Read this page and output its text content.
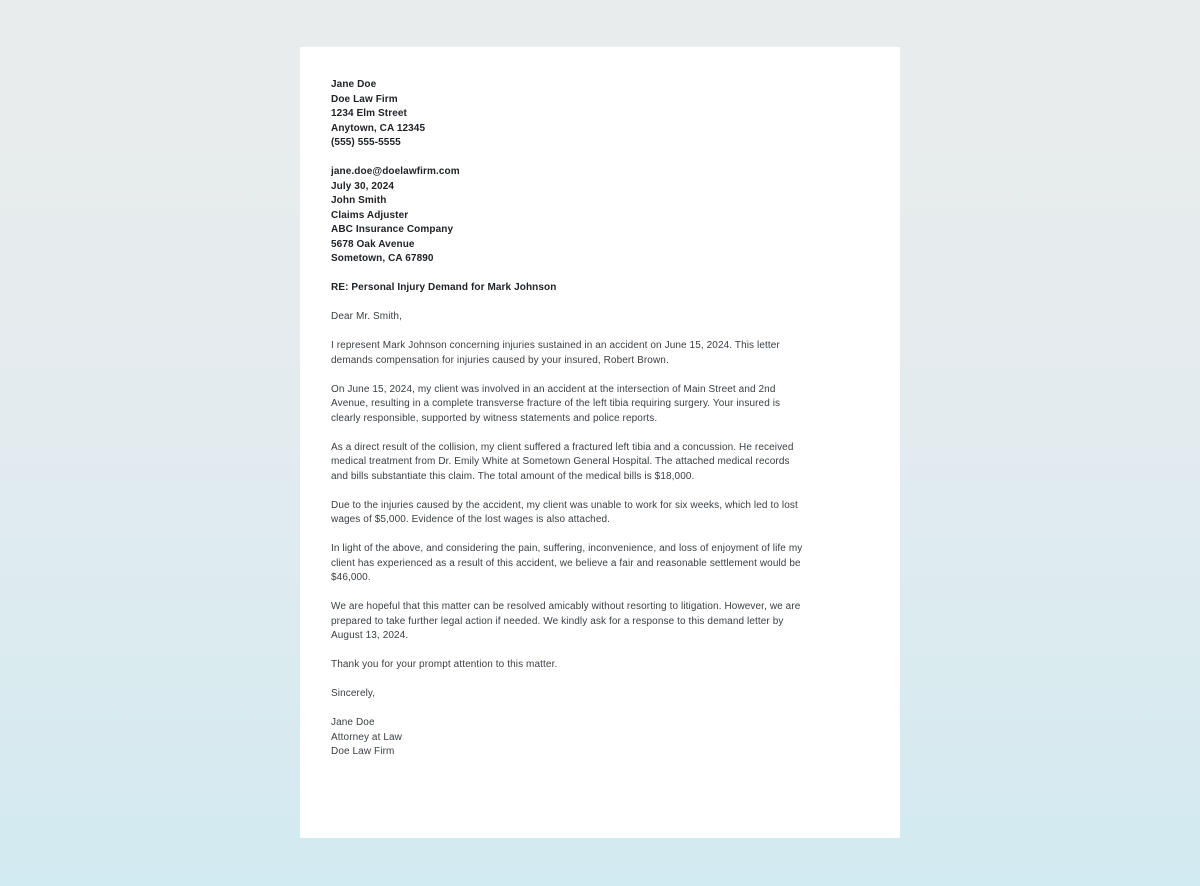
Jane Doe
Doe Law Firm
1234 Elm Street
Anytown, CA 12345
(555) 555-5555
jane.doe@doelawfirm.com
July 30, 2024
John Smith
Claims Adjuster
ABC Insurance Company
5678 Oak Avenue
Sometown, CA 67890
RE: Personal Injury Demand for Mark Johnson
Dear Mr. Smith,
I represent Mark Johnson concerning injuries sustained in an accident on June 15, 2024. This letter demands compensation for injuries caused by your insured, Robert Brown.
On June 15, 2024, my client was involved in an accident at the intersection of Main Street and 2nd Avenue, resulting in a complete transverse fracture of the left tibia requiring surgery. Your insured is clearly responsible, supported by witness statements and police reports.
As a direct result of the collision, my client suffered a fractured left tibia and a concussion. He received medical treatment from Dr. Emily White at Sometown General Hospital. The attached medical records and bills substantiate this claim. The total amount of the medical bills is $18,000.
Due to the injuries caused by the accident, my client was unable to work for six weeks, which led to lost wages of $5,000. Evidence of the lost wages is also attached.
In light of the above, and considering the pain, suffering, inconvenience, and loss of enjoyment of life my client has experienced as a result of this accident, we believe a fair and reasonable settlement would be $46,000.
We are hopeful that this matter can be resolved amicably without resorting to litigation. However, we are prepared to take further legal action if needed. We kindly ask for a response to this demand letter by August 13, 2024.
Thank you for your prompt attention to this matter.
Sincerely,
Jane Doe
Attorney at Law
Doe Law Firm
